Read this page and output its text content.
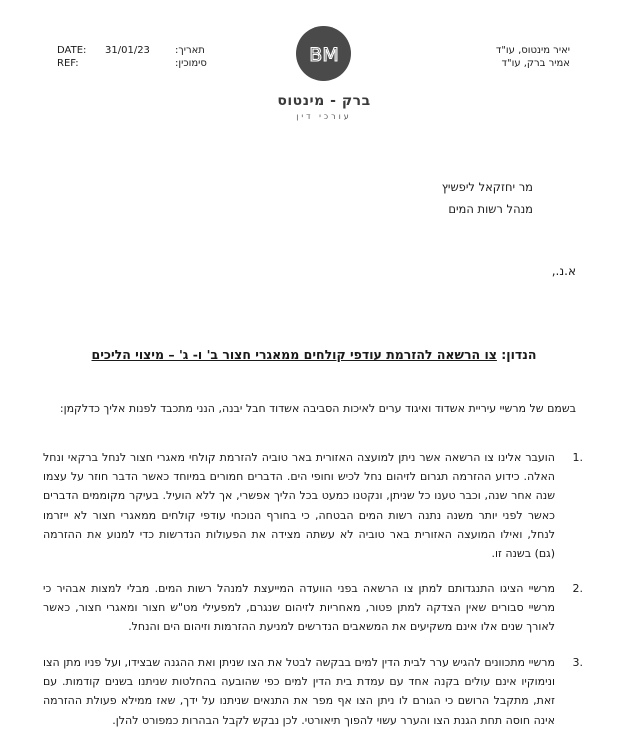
DATE:	31/01/23	תאריך:
REF:	סימוכין:
יאיר מינטוס, עו"ד
אמיר ברק, עו"ד
BM
ברק - מינטוס
עורכי דין
מר יחזקאל ליפשיץ
מנהל רשות המים
א.נ.,
הנדון: צו הרשאה להזרמת עודפי קולחים ממאגרי חצור ב' ו- ג' – מיצוי הליכים
בשמם של מרשיי עיריית אשדוד ואיגוד ערים לאיכות הסביבה אשדוד חבל יבנה, הנני מתכבד לפנות אליך כדלקמן:
1.
הועבר אלינו צו הרשאה אשר ניתן למועצה האזורית באר טוביה להזרמת קולחי מאגרי חצור לנחל ברקאי ונחל האלה. כידוע ההזרמה תגרום לזיהום נחל לכיש וחופי הים. הדברים חמורים במיוחד כאשר הדבר חוזר על עצמו שנה אחר שנה, וכבר טענו כל שניתן, ונקטנו כמעט בכל הליך אפשרי, אך ללא הועיל. בעיקר מקוממים הדברים כאשר לפני יותר משנה נתנה רשות המים הבטחה, כי בחורף הנוכחי עודפי קולחים ממאגרי חצור לא ייזרמו לנחל, ואילו המועצה האזורית באר טוביה לא עשתה מצידה את הפעולות הנדרשות כדי למנוע את ההזרמה (גם) בשנה זו.
2.
מרשיי הציגו התנגדותם למתן צו הרשאה בפני הוועדה המייעצת למנהל רשות המים. מבלי למצות אבהיר כי מרשיי סבורים שאין הצדקה למתן פטור, מאחריות לזיהום שנגרם, למפעילי מט"ש חצור ומאגרי חצור, כאשר לאורך שנים אלו אינם משקיעים את המשאבים הנדרשים למניעת ההזרמות וזיהום הים והנחל.
3.
מרשיי מתכוונים להגיש ערר לבית הדין למים בבקשה לבטל את הצו שניתן ואת ההגנה שבצידו, ועל פניו מתן הצו ונימוקיו אינם עולים בקנה אחד עם עמדת בית הדין למים כפי שהובעה בהחלטות שניתנו בשנים קודמות. עם זאת, מתקבל הרושם כי הגורם לו ניתן הצו אף מפר את התנאים שניתנו על ידך, שאז ממילא פעולת ההזרמה אינה חוסה תחת הגנת הצו והערר עשוי להפוך תיאורטי. לכן נבקש לקבל הבהרות כמפורט להלן.
